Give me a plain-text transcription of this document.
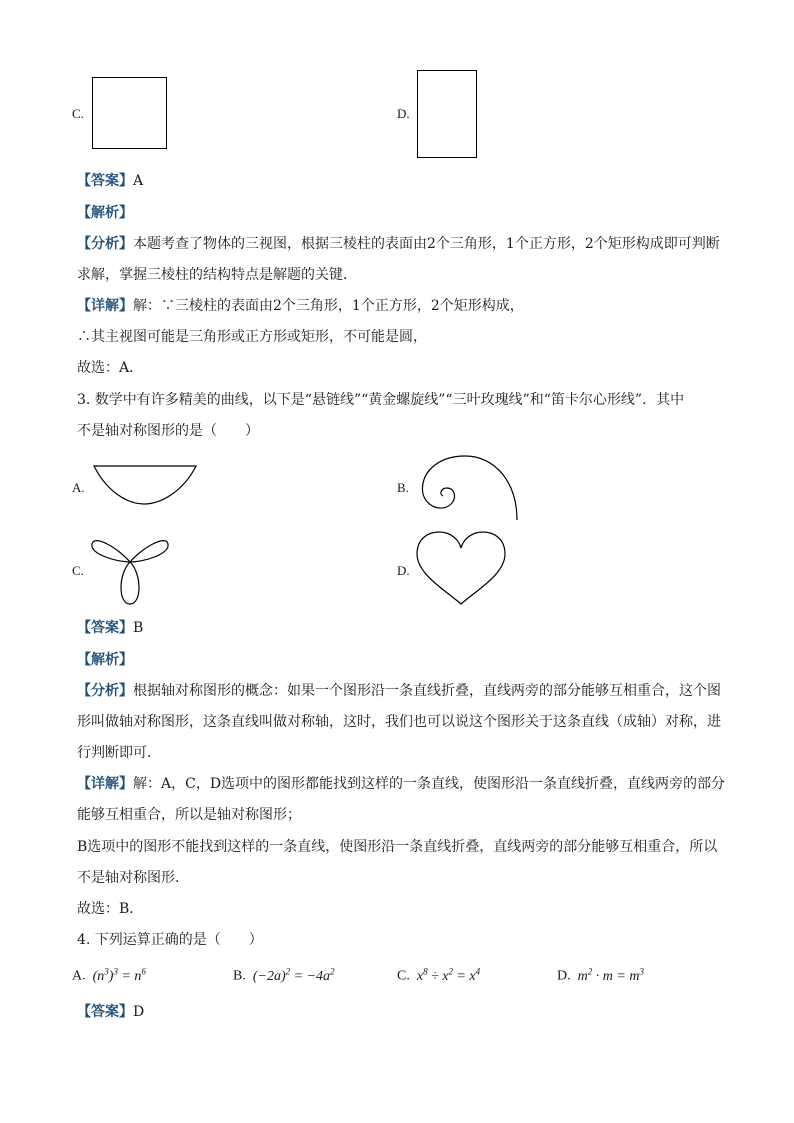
C.	D.
【答案】A
【解析】
【分析】本题考查了物体的三视图，根据三棱柱的表面由2个三角形，1个正方形，2个矩形构成即可判断
求解，掌握三棱柱的结构特点是解题的关键．
【详解】解：∵三棱柱的表面由2个三角形，1个正方形，2个矩形构成，
∴其主视图可能是三角形或正方形或矩形，不可能是圆，
故选：A．
3. 数学中有许多精美的曲线，以下是“悬链线”“黄金螺旋线”“三叶玫瑰线”和“笛卡尔心形线”．其中
不是轴对称图形的是（　　）
A.	B.
C.	D.
【答案】B
【解析】
【分析】根据轴对称图形的概念：如果一个图形沿一条直线折叠，直线两旁的部分能够互相重合，这个图
形叫做轴对称图形，这条直线叫做对称轴，这时，我们也可以说这个图形关于这条直线（成轴）对称，进
行判断即可．
【详解】解：A，C，D选项中的图形都能找到这样的一条直线，使图形沿一条直线折叠，直线两旁的部分
能够互相重合，所以是轴对称图形；
B选项中的图形不能找到这样的一条直线，使图形沿一条直线折叠，直线两旁的部分能够互相重合，所以
不是轴对称图形．
故选：B．
4. 下列运算正确的是（　　）
A.  $(n^3)^3 = n^6$	B.  $(-2a)^2 = -4a^2$	C. $x^8 \div x^2 = x^4$	D. $m^2 \cdot m = m^3$
【答案】D
